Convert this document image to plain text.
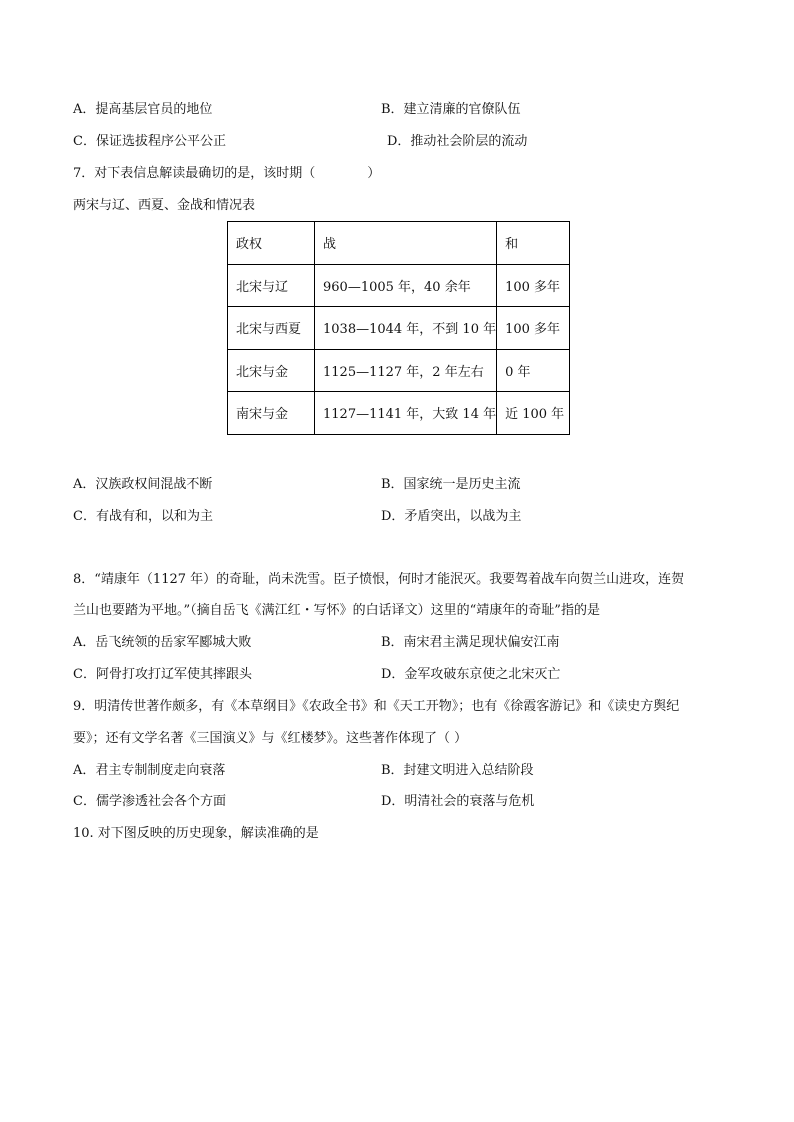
A．提高基层官员的地位	B．建立清廉的官僚队伍
C．保证选拔程序公平公正	D．推动社会阶层的流动
7．对下表信息解读最确切的是，该时期（　　　　）
两宋与辽、西夏、金战和情况表
政权	战	和
北宋与辽	960—1005 年，40 余年	100 多年
北宋与西夏	1038—1044 年，不到 10 年	100 多年
北宋与金	1125—1127 年，2 年左右	0 年
南宋与金	1127—1141 年，大致 14 年	近 100 年
A．汉族政权间混战不断	B．国家统一是历史主流
C．有战有和，以和为主	D．矛盾突出，以战为主
8．“靖康年（1127 年）的奇耻，尚未洗雪。臣子愤恨，何时才能泯灭。我要驾着战车向贺兰山进攻，连贺
兰山也要踏为平地。”（摘自岳飞《满江红・写怀》的白话译文）这里的“靖康年的奇耻”指的是
A．岳飞统领的岳家军郾城大败	B．南宋君主满足现状偏安江南
C．阿骨打攻打辽军使其摔跟头	D．金军攻破东京使之北宋灭亡
9．明清传世著作颇多，有《本草纲目》《农政全书》和《天工开物》；也有《徐霞客游记》和《读史方舆纪
要》；还有文学名著《三国演义》与《红楼梦》。这些著作体现了（ ）
A．君主专制制度走向衰落	B．封建文明进入总结阶段
C．儒学渗透社会各个方面	D．明清社会的衰落与危机
10. 对下图反映的历史现象，解读准确的是
